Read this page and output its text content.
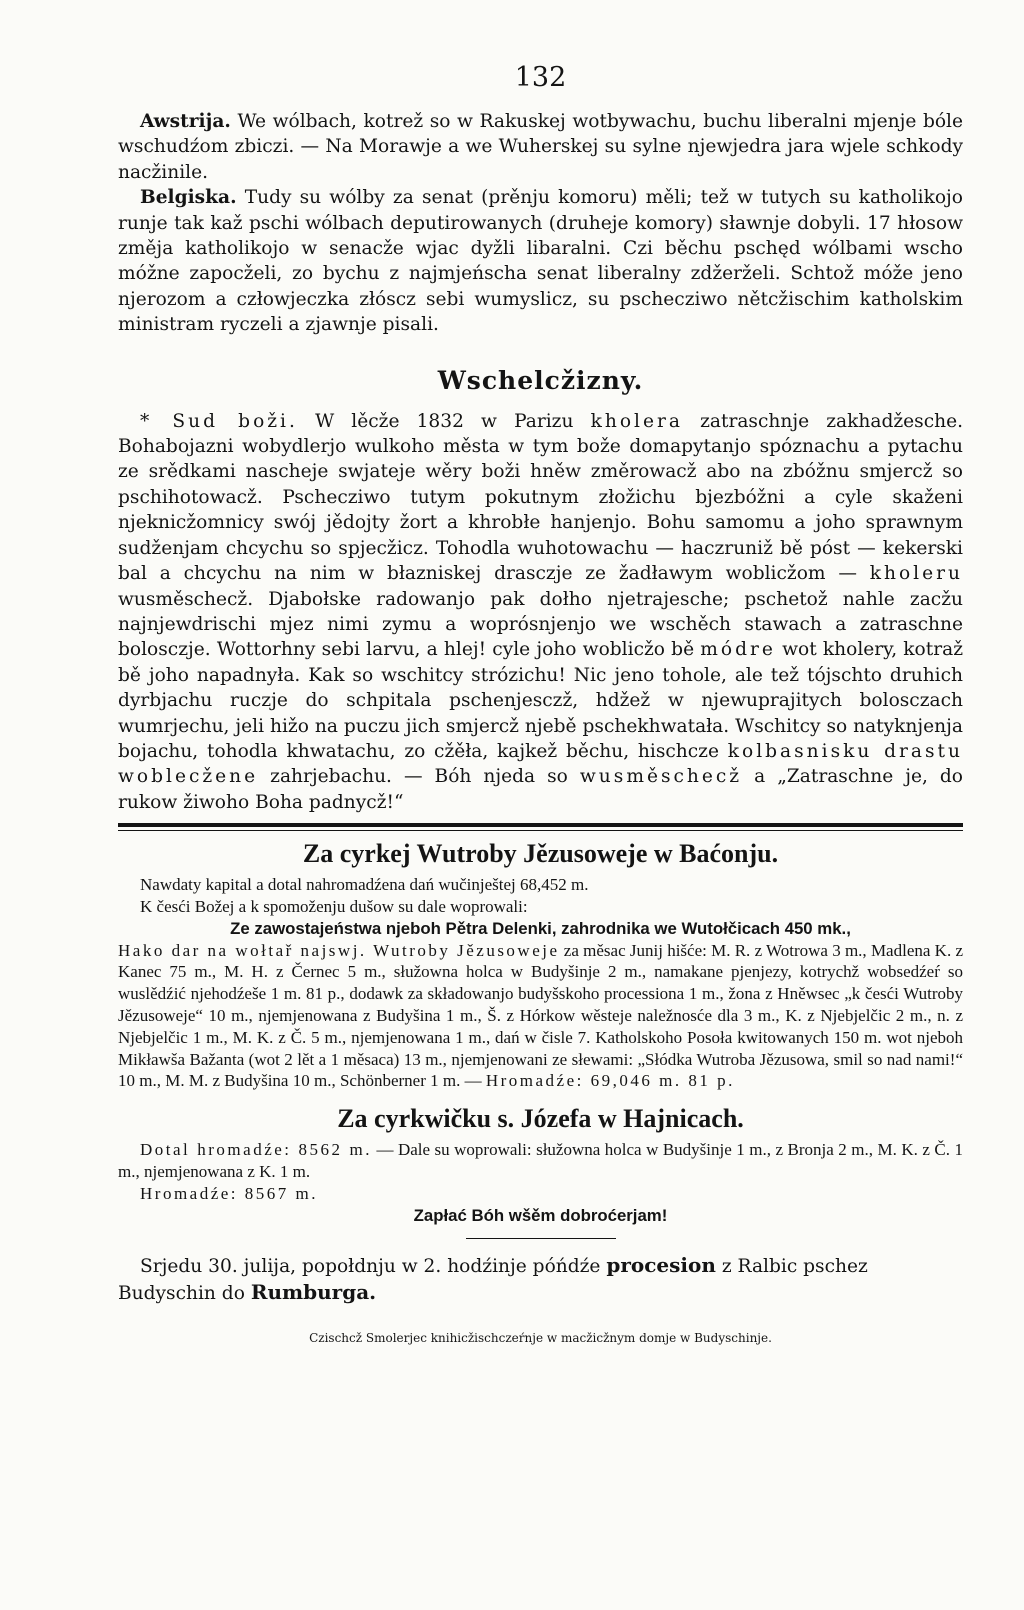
132

Awstrija. We wólbach, kotrež so w Rakuskej wotbywachu, buchu liberalni mjenje bóle wschudźom zbiczi. — Na Morawje a we Wuherskej su sylne njewjedra jara wjele schkody nacžinile.

Belgiska. Tudy su wólby za senat (prěnju komoru) měli; tež w tutych su katholikojo runje tak kaž pschi wólbach deputirowanych (druheje komory) sławnje dobyli. 17 hłosow změja katholikojo w senacže wjac dyžli libaralni. Czi běchu pschęd wólbami wscho móžne zapocželi, zo bychu z najmjeńscha senat liberalny zdžerželi. Schtož móže jeno njerozom a człowjeczka złóscz sebi wumyslicz, su pschecziwo nětcžischim katholskim ministram ryczeli a zjawnje pisali.

Wschelcžizny.

* Sud boži. W lěcže 1832 w Parizu kholera zatraschnje zakhadžesche. Bohabojazni wobydlerjo wulkoho města w tym bože domapytanjo spóznachu a pytachu ze srědkami nascheje swjateje wěry boži hněw změrowacž abo na zbóžnu smjercž so pschihotowacž. Pschecziwo tutym pokutnym złožichu bjezbóžni a cyle skaženi njeknicžomnicy swój jědojty žort a khrobłe hanjenjo. Bohu samomu a joho sprawnym sudženjam chcychu so spjecžicz. Tohodla wuhotowachu — haczruniž bě póst — kekerski bal a chcychu na nim w błazniskej drasczje ze žadławym woblicžom — kholeru wusměschecž. Djabołske radowanjo pak dołho njetrajesche; pschetož nahle zacžu najnjewdrischi mjez nimi zymu a woprósnjenjo we wschěch stawach a zatraschne bolosczje. Wottorhny sebi larvu, a hlej! cyle joho woblicžo bě módre wot kholery, kotraž bě joho napadnyła. Kak so wschitcy strózichu! Nic jeno tohole, ale tež tójschto druhich dyrbjachu ruczje do schpitala pschenjesczž, hdžež w njewuprajitych bolosczach wumrjechu, jeli hižo na puczu jich smjercž njebě pschekhwatała. Wschitcy so natyknjenja bojachu, tohodla khwatachu, zo cžěła, kajkež běchu, hischcze kolbasnisku drastu woblecžene zahrjebachu. — Bóh njeda so wusměschecž a „Zatraschne je, do rukow žiwoho Boha padnycž!“

Za cyrkej Wutroby Jězusoweje w Baćonju.

Nawdaty kapital a dotal nahromadźena dań wučinještej 68,452 m.

K česći Božej a k spomoženju dušow su dale woprowali:

Ze zawostajeństwa njeboh Pětra Delenki, zahrodnika we Wutołčicach 450 mk.,

Hako dar na wołtař najswj. Wutroby Jězusoweje za měsac Junij hišće: M. R. z Wotrowa 3 m., Madlena K. z Kanec 75 m., M. H. z Černec 5 m., słužowna holca w Budyšinje 2 m., namakane pjenjezy, kotrychž wobsedźeŕ so wuslědźić njehodźeše 1 m. 81 p., dodawk za składowanjo budyšskoho processiona 1 m., žona z Hněwsec „k česći Wutroby Jězusoweje“ 10 m., njemjenowana z Budyšina 1 m., Š. z Hórkow wěsteje naležnosće dla 3 m., K. z Njebjelčic 2 m., n. z Njebjelčic 1 m., M. K. z Č. 5 m., njemjenowana 1 m., dań w čisle 7. Katholskoho Posoła kwitowanych 150 m. wot njeboh Mikławša Bažanta (wot 2 lět a 1 měsaca) 13 m., njemjenowani ze słewami: „Słódka Wutroba Jězusowa, smil so nad nami!“ 10 m., M. M. z Budyšina 10 m., Schönberner 1 m. — Hromadźe: 69,046 m. 81 p.

Za cyrkwičku s. Józefa w Hajnicach.

Dotal hromadźe: 8562 m. — Dale su woprowali: słužowna holca w Budyšinje 1 m., z Bronja 2 m., M. K. z Č. 1 m., njemjenowana z K. 1 m.

Hromadźe: 8567 m.

Zapłać Bóh wšěm dobroćerjam!

Srjedu 30. julija, popołdnju w 2. hodźinje póńdźe procesion z Ralbic pschez Budyschin do Rumburga.

Czischcž Smolerjec knihicžischczeŕnje w macžicžnym domje w Budyschinje.
